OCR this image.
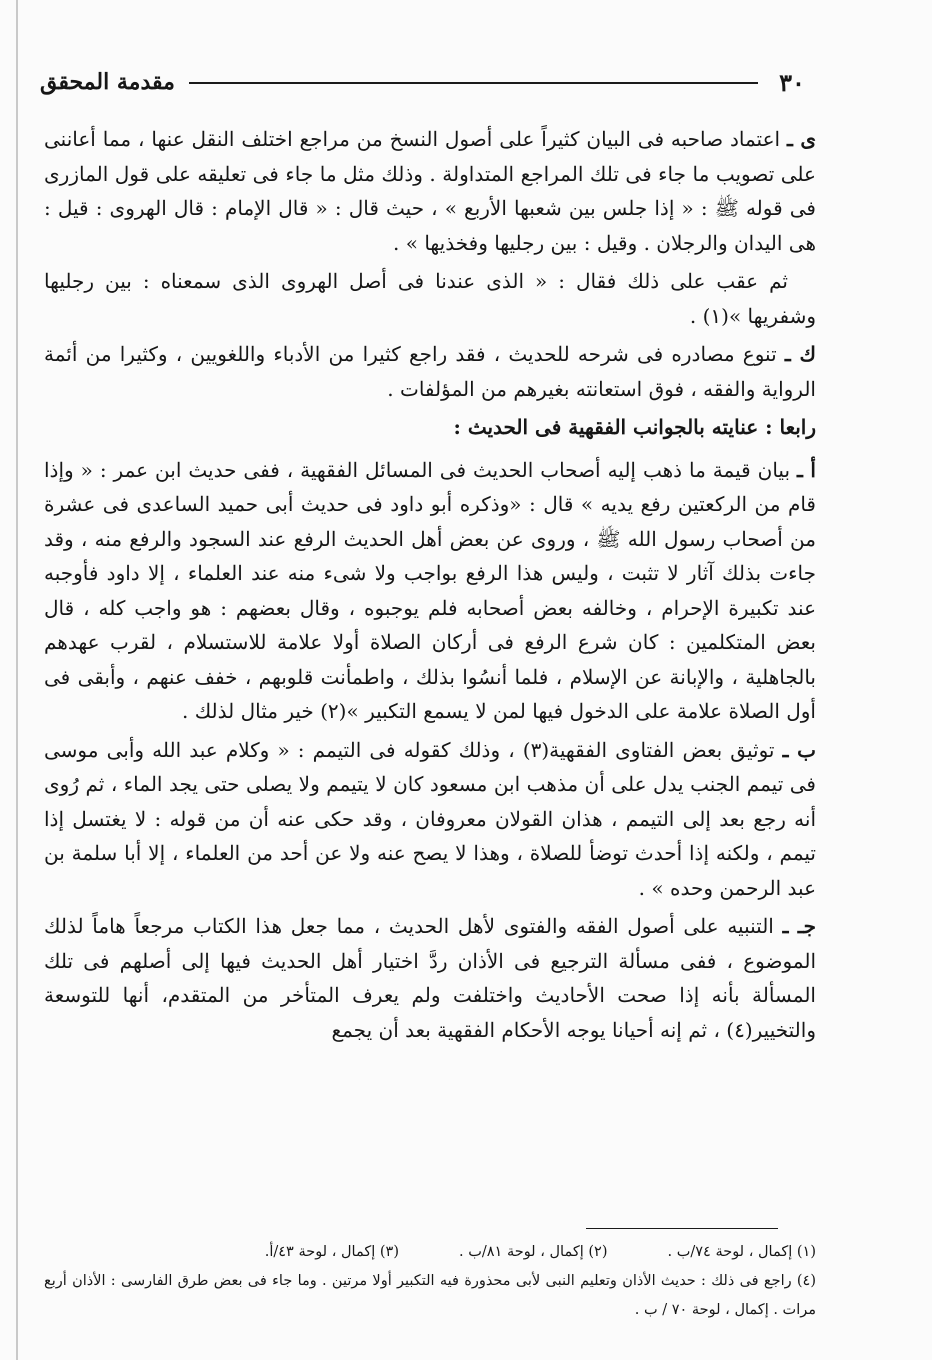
٣٠
مقدمة المحقق

ى ـ اعتماد صاحبه فى البيان كثيراً على أصول النسخ من مراجع اختلف النقل عنها ، مما أعاننى على تصويب ما جاء فى تلك المراجع المتداولة . وذلك مثل ما جاء فى تعليقه على قول المازرى فى قوله ﷺ : « إذا جلس بين شعبها الأربع » ، حيث قال : « قال الإمام : قال الهروى : قيل : هى اليدان والرجلان . وقيل : بين رجليها وفخذيها » .

ثم عقب على ذلك فقال : « الذى عندنا فى أصل الهروى الذى سمعناه : بين رجليها وشفريها »(١) .

ك ـ تنوع مصادره فى شرحه للحديث ، فقد راجع كثيرا من الأدباء واللغويين ، وكثيرا من أئمة الرواية والفقه ، فوق استعانته بغيرهم من المؤلفات .

رابعا : عنايته بالجوانب الفقهية فى الحديث :

أ ـ بيان قيمة ما ذهب إليه أصحاب الحديث فى المسائل الفقهية ، ففى حديث ابن عمر : « وإذا قام من الركعتين رفع يديه » قال : «وذكره أبو داود فى حديث أبى حميد الساعدى فى عشرة من أصحاب رسول الله ﷺ ، وروى عن بعض أهل الحديث الرفع عند السجود والرفع منه ، وقد جاءت بذلك آثار لا تثبت ، وليس هذا الرفع بواجب ولا شىء منه عند العلماء ، إلا داود فأوجبه عند تكبيرة الإحرام ، وخالفه بعض أصحابه فلم يوجبوه ، وقال بعضهم : هو واجب كله ، قال بعض المتكلمين : كان شرع الرفع فى أركان الصلاة أولا علامة للاستسلام ، لقرب عهدهم بالجاهلية ، والإبانة عن الإسلام ، فلما أنسُوا بذلك ، واطمأنت قلوبهم ، خفف عنهم ، وأبقى فى أول الصلاة علامة على الدخول فيها لمن لا يسمع التكبير »(٢) خير مثال لذلك .

ب ـ توثيق بعض الفتاوى الفقهية(٣) ، وذلك كقوله فى التيمم : « وكلام عبد الله وأبى موسى فى تيمم الجنب يدل على أن مذهب ابن مسعود كان لا يتيمم ولا يصلى حتى يجد الماء ، ثم رُوى أنه رجع بعد إلى التيمم ، هذان القولان معروفان ، وقد حكى عنه أن من قوله : لا يغتسل إذا تيمم ، ولكنه إذا أحدث توضأ للصلاة ، وهذا لا يصح عنه ولا عن أحد من العلماء ، إلا أبا سلمة بن عبد الرحمن وحده » .

جـ ـ التنبيه على أصول الفقه والفتوى لأهل الحديث ، مما جعل هذا الكتاب مرجعاً هاماً لذلك الموضوع ، ففى مسألة الترجيع فى الأذان ردَّ اختيار أهل الحديث فيها إلى أصلهم فى تلك المسألة بأنه إذا صحت الأحاديث واختلفت ولم يعرف المتأخر من المتقدم، أنها للتوسعة والتخيير(٤) ، ثم إنه أحيانا يوجه الأحكام الفقهية بعد أن يجمع

(١) إكمال ، لوحة ٧٤/ب .
(٢) إكمال ، لوحة ٨١/ب .
(٣) إكمال ، لوحة ٤٣/أ.
(٤) راجع فى ذلك : حديث الأذان وتعليم النبى لأبى محذورة فيه التكبير أولا مرتين . وما جاء فى بعض طرق الفارسى : الأذان أربع مرات . إكمال ، لوحة ٧٠ / ب .
